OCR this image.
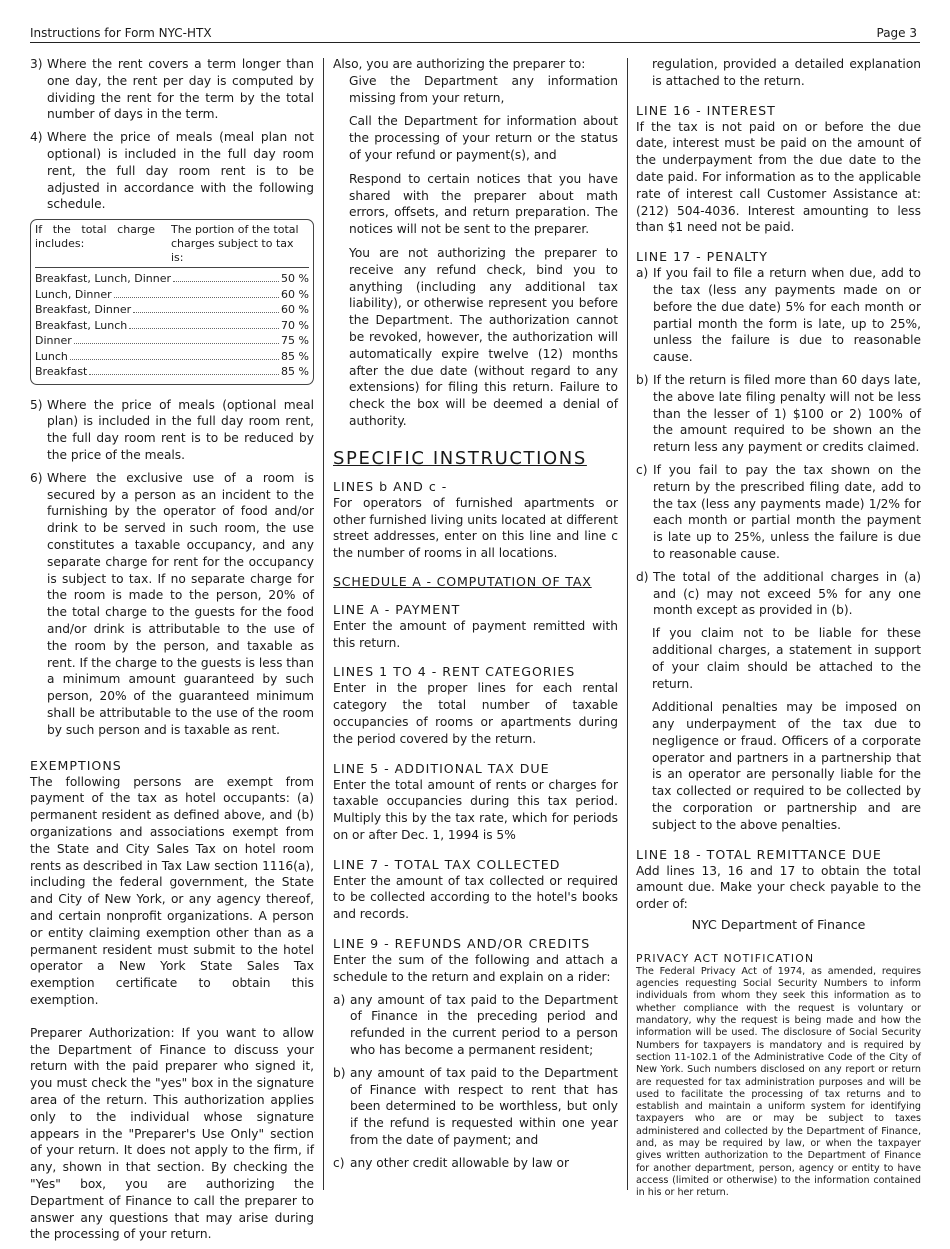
Instructions for Form NYC-HTX	Page 3
3) Where the rent covers a term longer than one day, the rent per day is computed by dividing the rent for the term by the total number of days in the term.
4) Where the price of meals (meal plan not optional) is included in the full day room rent, the full day room rent is to be adjusted in accordance with the following schedule.
If the total charge includes:
The portion of the total charges subject to tax is:
Breakfast, Lunch, Dinner	50 %
Lunch, Dinner	60 %
Breakfast, Dinner	60 %
Breakfast, Lunch	70 %
Dinner	75 %
Lunch	85 %
Breakfast	85 %
5) Where the price of meals (optional meal plan) is included in the full day room rent, the full day room rent is to be reduced by the price of the meals.
6) Where the exclusive use of a room is secured by a person as an incident to the furnishing by the operator of food and/or drink to be served in such room, the use constitutes a taxable occupancy, and any separate charge for rent for the occupancy is subject to tax. If no separate charge for the room is made to the person, 20% of the total charge to the guests for the food and/or drink is attributable to the use of the room by the person, and taxable as rent. If the charge to the guests is less than a minimum amount guaranteed by such person, 20% of the guaranteed minimum shall be attributable to the use of the room by such person and is taxable as rent.
EXEMPTIONS
The following persons are exempt from payment of the tax as hotel occupants: (a) permanent resident as defined above, and (b) organizations and associations exempt from the State and City Sales Tax on hotel room rents as described in Tax Law section 1116(a), including the federal government, the State and City of New York, or any agency thereof, and certain nonprofit organizations. A person or entity claiming exemption other than as a permanent resident must submit to the hotel operator a New York State Sales Tax exemption certificate to obtain this exemption.
Preparer Authorization: If you want to allow the Department of Finance to discuss your return with the paid preparer who signed it, you must check the "yes" box in the signature area of the return. This authorization applies only to the individual whose signature appears in the "Preparer's Use Only" section of your return. It does not apply to the firm, if any, shown in that section. By checking the "Yes" box, you are authorizing the Department of Finance to call the preparer to answer any questions that may arise during the processing of your return.
Also, you are authorizing the preparer to:
Give the Department any information missing from your return,
Call the Department for information about the processing of your return or the status of your refund or payment(s), and
Respond to certain notices that you have shared with the preparer about math errors, offsets, and return preparation. The notices will not be sent to the preparer.
You are not authorizing the preparer to receive any refund check, bind you to anything (including any additional tax liability), or otherwise represent you before the Department. The authorization cannot be revoked, however, the authorization will automatically expire twelve (12) months after the due date (without regard to any extensions) for filing this return. Failure to check the box will be deemed a denial of authority.
SPECIFIC INSTRUCTIONS
LINES b AND c -
For operators of furnished apartments or other furnished living units located at different street addresses, enter on this line and line c the number of rooms in all locations.
SCHEDULE A - COMPUTATION OF TAX
LINE A - PAYMENT
Enter the amount of payment remitted with this return.
LINES 1 TO 4 - RENT CATEGORIES
Enter in the proper lines for each rental category the total number of taxable occupancies of rooms or apartments during the period covered by the return.
LINE 5 - ADDITIONAL TAX DUE
Enter the total amount of rents or charges for taxable occupancies during this tax period. Multiply this by the tax rate, which for periods on or after Dec. 1, 1994 is 5%
LINE 7 - TOTAL TAX COLLECTED
Enter the amount of tax collected or required to be collected according to the hotel's books and records.
LINE 9 - REFUNDS AND/OR CREDITS
Enter the sum of the following and attach a schedule to the return and explain on a rider:
a) any amount of tax paid to the Department of Finance in the preceding period and refunded in the current period to a person who has become a permanent resident;
b) any amount of tax paid to the Department of Finance with respect to rent that has been determined to be worthless, but only if the refund is requested within one year from the date of payment; and
c) any other credit allowable by law or
regulation, provided a detailed explanation is attached to the return.
LINE 16 - INTEREST
If the tax is not paid on or before the due date, interest must be paid on the amount of the underpayment from the due date to the date paid. For information as to the applicable rate of interest call Customer Assistance at: (212) 504-4036. Interest amounting to less than $1 need not be paid.
LINE 17 - PENALTY
a) If you fail to file a return when due, add to the tax (less any payments made on or before the due date) 5% for each month or partial month the form is late, up to 25%, unless the failure is due to reasonable cause.
b) If the return is filed more than 60 days late, the above late filing penalty will not be less than the lesser of 1) $100 or 2) 100% of the amount required to be shown an the return less any payment or credits claimed.
c) If you fail to pay the tax shown on the return by the prescribed filing date, add to the tax (less any payments made) 1/2% for each month or partial month the payment is late up to 25%, unless the failure is due to reasonable cause.
d) The total of the additional charges in (a) and (c) may not exceed 5% for any one month except as provided in (b).
If you claim not to be liable for these additional charges, a statement in support of your claim should be attached to the return.
Additional penalties may be imposed on any underpayment of the tax due to negligence or fraud. Officers of a corporate operator and partners in a partnership that is an operator are personally liable for the tax collected or required to be collected by the corporation or partnership and are subject to the above penalties.
LINE 18 - TOTAL REMITTANCE DUE
Add lines 13, 16 and 17 to obtain the total amount due. Make your check payable to the order of:
NYC Department of Finance
PRIVACY ACT NOTIFICATION
The Federal Privacy Act of 1974, as amended, requires agencies requesting Social Security Numbers to inform individuals from whom they seek this information as to whether compliance with the request is voluntary or mandatory, why the request is being made and how the information will be used. The disclosure of Social Security Numbers for taxpayers is mandatory and is required by section 11-102.1 of the Administrative Code of the City of New York. Such numbers disclosed on any report or return are requested for tax administration purposes and will be used to facilitate the processing of tax returns and to establish and maintain a uniform system for identifying taxpayers who are or may be subject to taxes administered and collected by the Department of Finance, and, as may be required by law, or when the taxpayer gives written authorization to the Department of Finance for another department, person, agency or entity to have access (limited or otherwise) to the information contained in his or her return.
